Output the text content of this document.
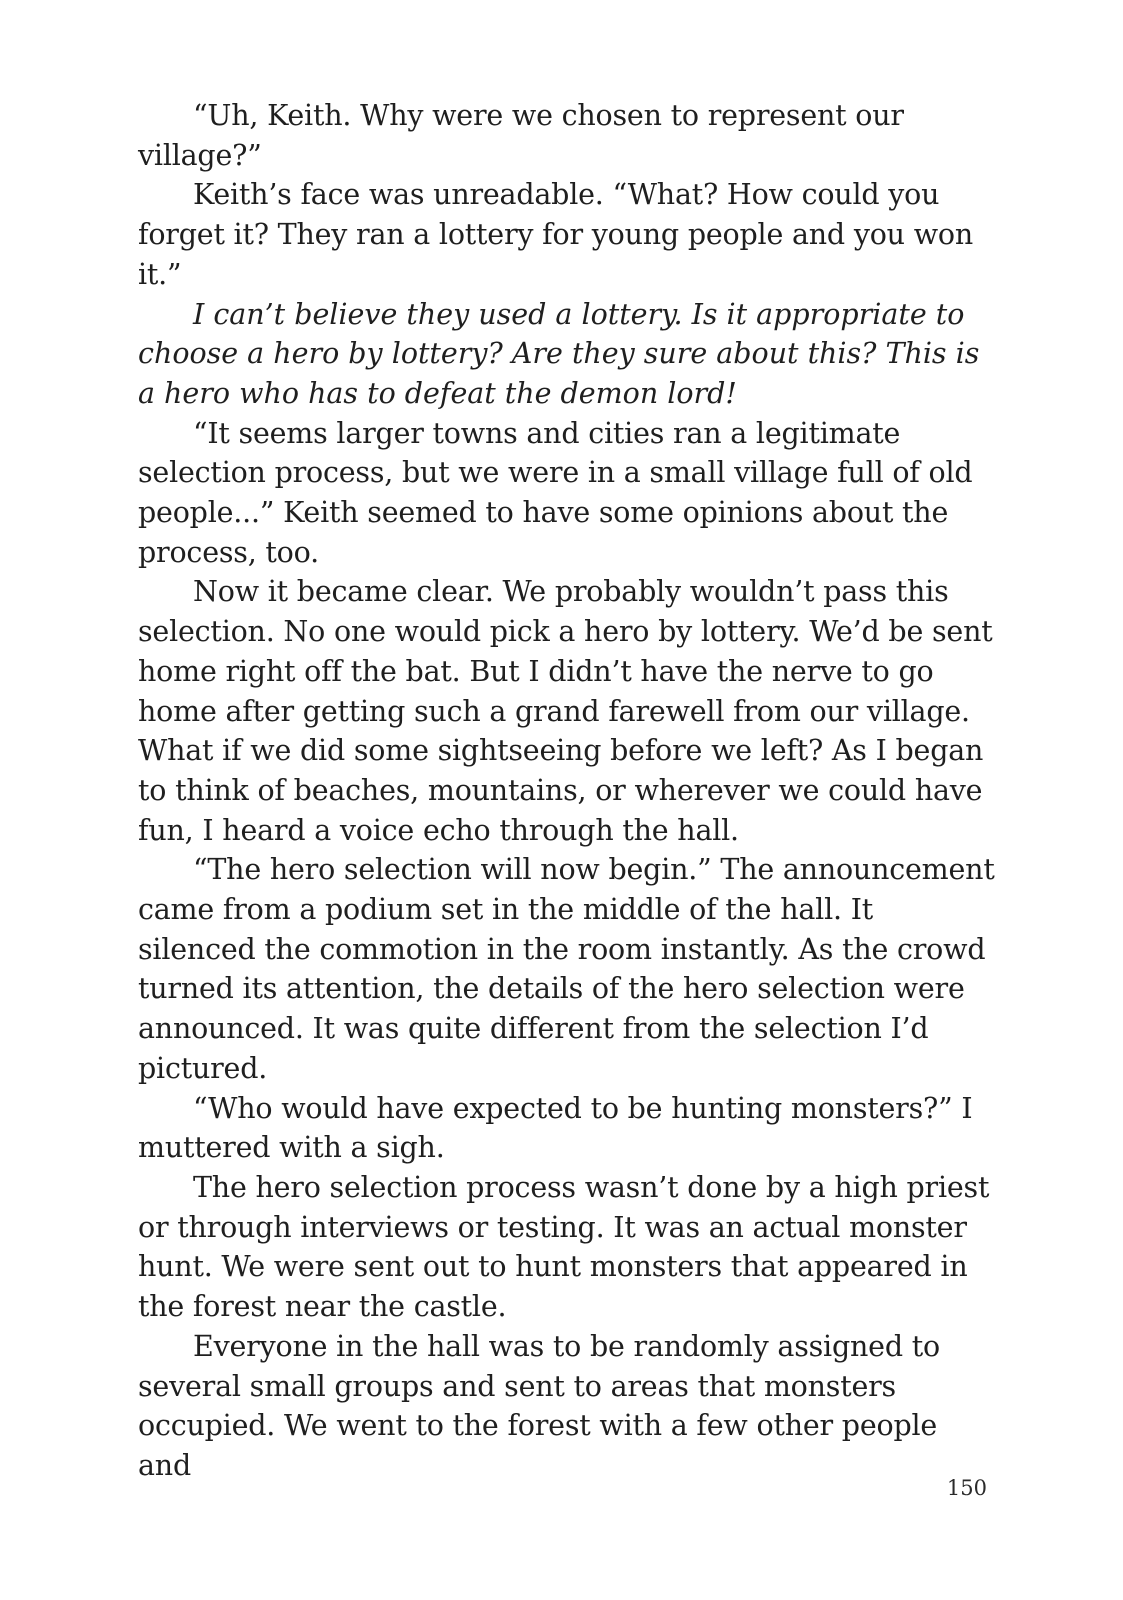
“Uh, Keith. Why were we chosen to represent our village?”

Keith’s face was unreadable. “What? How could you forget it? They ran a lottery for young people and you won it.”

I can’t believe they used a lottery. Is it appropriate to choose a hero by lottery? Are they sure about this? This is a hero who has to defeat the demon lord!

“It seems larger towns and cities ran a legitimate selection process, but we were in a small village full of old people...” Keith seemed to have some opinions about the process, too.

Now it became clear. We probably wouldn’t pass this selection. No one would pick a hero by lottery. We’d be sent home right off the bat. But I didn’t have the nerve to go home after getting such a grand farewell from our village. What if we did some sightseeing before we left? As I began to think of beaches, mountains, or wherever we could have fun, I heard a voice echo through the hall.

“The hero selection will now begin.” The announcement came from a podium set in the middle of the hall. It silenced the commotion in the room instantly. As the crowd turned its attention, the details of the hero selection were announced. It was quite different from the selection I’d pictured.

“Who would have expected to be hunting monsters?” I muttered with a sigh.

The hero selection process wasn’t done by a high priest or through interviews or testing. It was an actual monster hunt. We were sent out to hunt monsters that appeared in the forest near the castle.

Everyone in the hall was to be randomly assigned to several small groups and sent to areas that monsters occupied. We went to the forest with a few other people and

150
